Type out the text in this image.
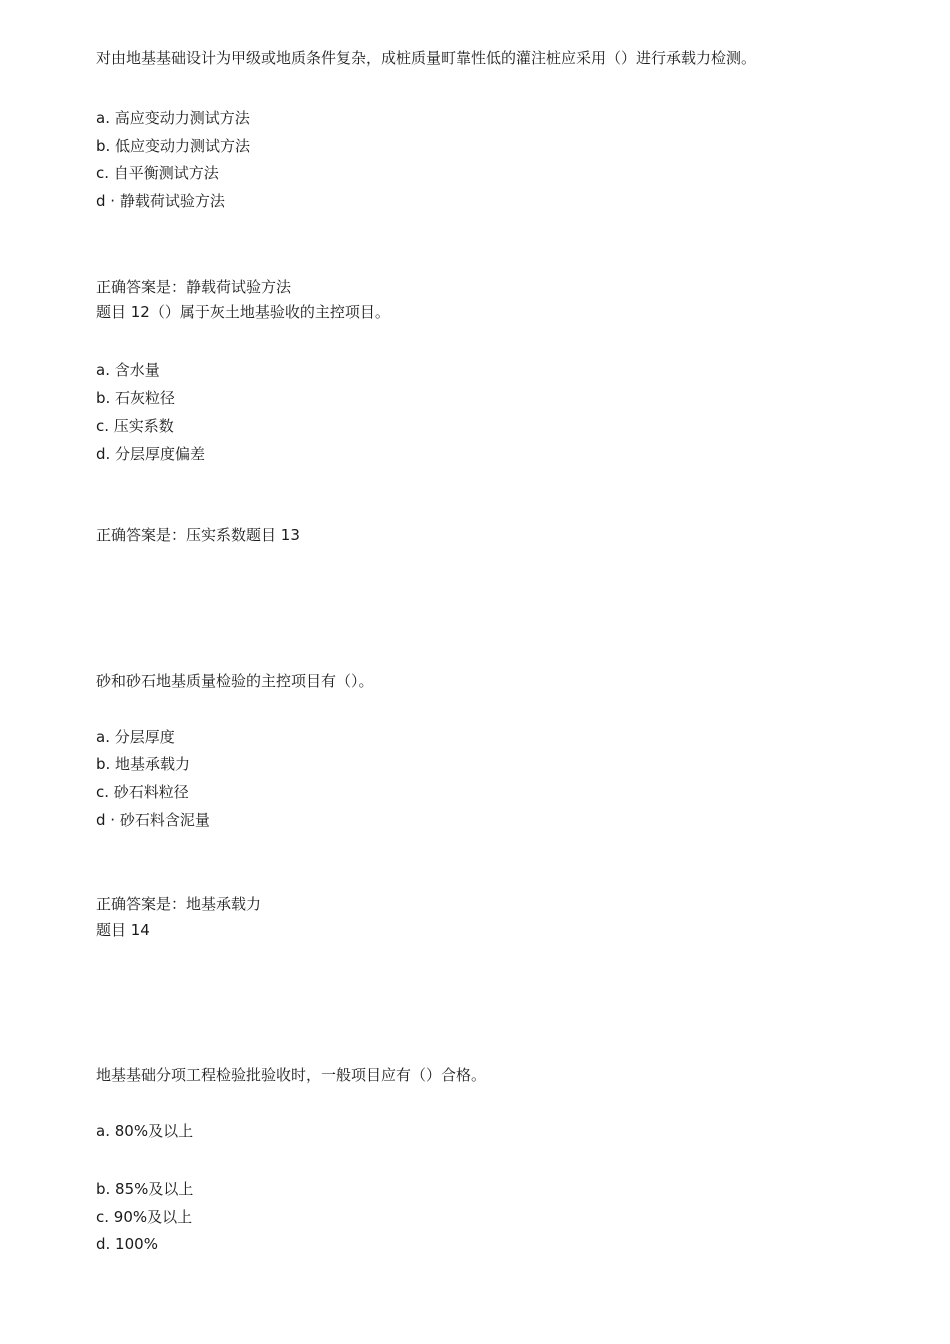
对由地基基础设计为甲级或地质条件复杂，成桩质量町靠性低的灌注桩应采用（）进行承载力检测。
a. 高应变动力测试方法
b. 低应变动力测试方法
c. 自平衡测试方法
d · 静载荷试验方法
正确答案是：静载荷试验方法
题目 12（）属于灰土地基验收的主控项目。
a. 含水量
b. 石灰粒径
c. 压实系数
d. 分层厚度偏差
正确答案是：压实系数题目 13
砂和砂石地基质量检验的主控项目有（）。
a. 分层厚度
b. 地基承载力
c. 砂石料粒径
d · 砂石料含泥量
正确答案是：地基承载力
题目 14
地基基础分项工程检验批验收时，一般项目应有（）合格。
a. 80%及以上
b. 85%及以上
c. 90%及以上
d. 100%
